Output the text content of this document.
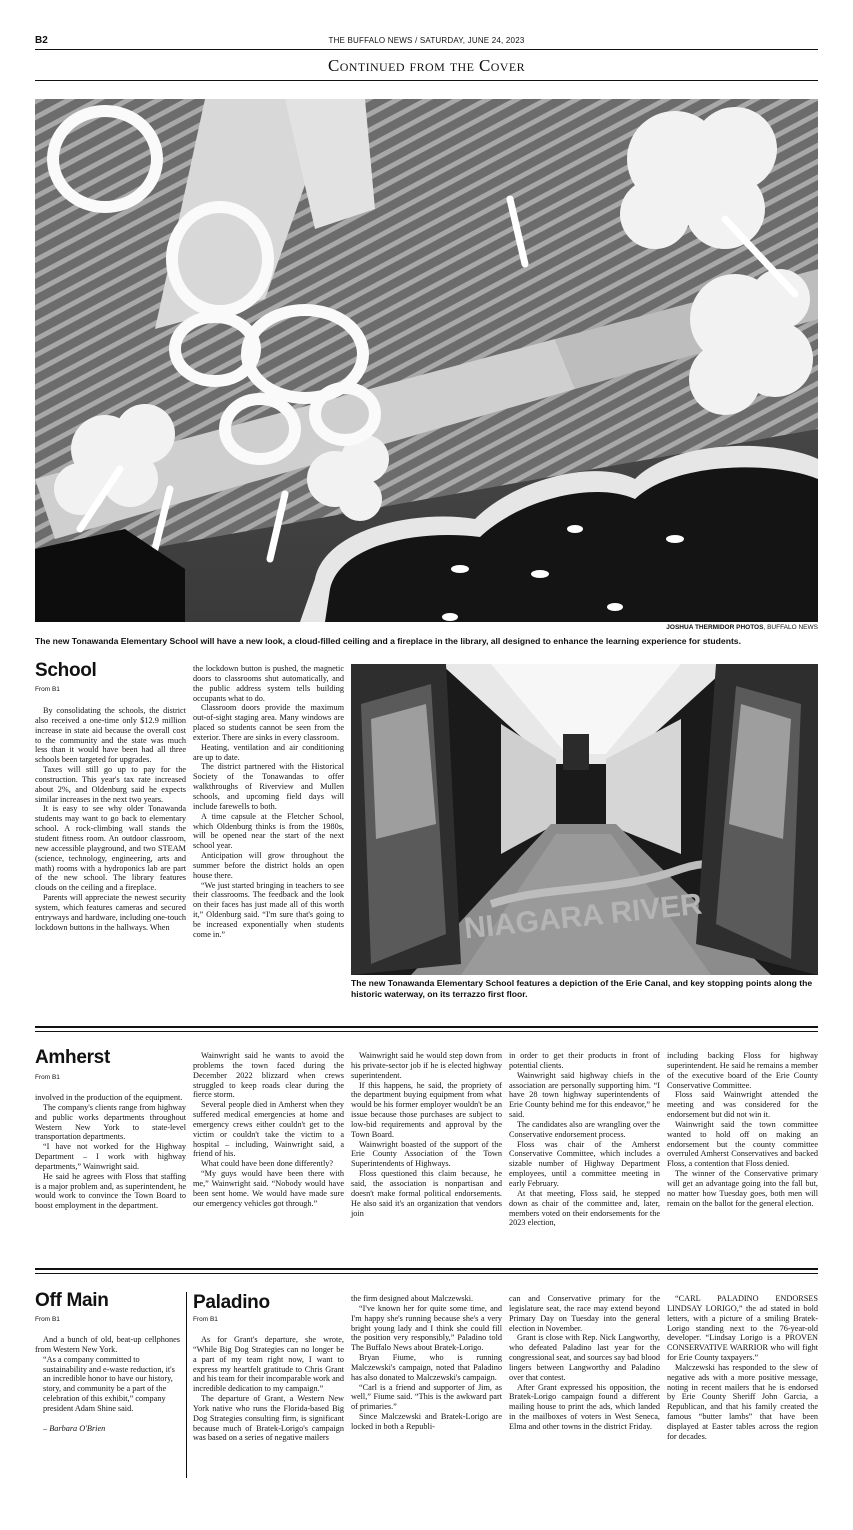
B2	THE BUFFALO NEWS / SATURDAY, JUNE 24, 2023
Continued from the Cover
JOSHUA THERMIDOR PHOTOS, BUFFALO NEWS
The new Tonawanda Elementary School will have a new look, a cloud-filled ceiling and a fireplace in the library, all designed to enhance the learning experience for students.
School
From B1

By consolidating the schools, the district also received a one-time only $12.9 million increase in state aid because the overall cost to the community and the state was much less than it would have been had all three schools been targeted for upgrades.

Taxes will still go up to pay for the construction. This year's tax rate increased about 2%, and Oldenburg said he expects similar increases in the next two years.

It is easy to see why older Tonawanda students may want to go back to elementary school. A rock-climbing wall stands the student fitness room. An outdoor classroom, new accessible playground, and two STEAM (science, technology, engineering, arts and math) rooms with a hydroponics lab are part of the new school. The library features clouds on the ceiling and a fireplace.

Parents will appreciate the newest security system, which features cameras and secured entryways and hardware, including one-touch lockdown buttons in the hallways. When

the lockdown button is pushed, the magnetic doors to classrooms shut automatically, and the public address system tells building occupants what to do.

Classroom doors provide the maximum out-of-sight staging area. Many windows are placed so students cannot be seen from the exterior. There are sinks in every classroom.

Heating, ventilation and air conditioning are up to date.

The district partnered with the Historical Society of the Tonawandas to offer walkthroughs of Riverview and Mullen schools, and upcoming field days will include farewells to both.

A time capsule at the Fletcher School, which Oldenburg thinks is from the 1980s, will be opened near the start of the next school year.

Anticipation will grow throughout the summer before the district holds an open house there.

“We just started bringing in teachers to see their classrooms. The feedback and the look on their faces has just made all of this worth it,” Oldenburg said. “I'm sure that's going to be increased exponentially when students come in.”	NIAGARA RIVER
The new Tonawanda Elementary School features a depiction of the Erie Canal, and key stopping points along the historic waterway, on its terrazzo first floor.
Amherst
From B1

involved in the production of the equipment.

The company's clients range from highway and public works departments throughout Western New York to state-level transportation departments.

“I have not worked for the Highway Department – I work with highway departments,” Wainwright said.

He said he agrees with Floss that staffing is a major problem and, as superintendent, he would work to convince the Town Board to boost employment in the department.

Wainwright said he wants to avoid the problems the town faced during the December 2022 blizzard when crews struggled to keep roads clear during the fierce storm.

Several people died in Amherst when they suffered medical emergencies at home and emergency crews either couldn't get to the victim or couldn't take the victim to a hospital – including, Wainwright said, a friend of his.

What could have been done differently?

“My guys would have been there with me,” Wainwright said. “Nobody would have been sent home. We would have made sure our emergency vehicles got through.”

Wainwright said he would step down from his private-sector job if he is elected highway superintendent.

If this happens, he said, the propriety of the department buying equipment from what would be his former employer wouldn't be an issue because those purchases are subject to low-bid requirements and approval by the Town Board.

Wainwright boasted of the support of the Erie County Association of the Town Superintendents of Highways.

Floss questioned this claim because, he said, the association is nonpartisan and doesn't make formal political endorsements. He also said it's an organization that vendors join

in order to get their products in front of potential clients.

Wainwright said highway chiefs in the association are personally supporting him. “I have 28 town highway superintendents of Erie County behind me for this endeavor,” he said.

The candidates also are wrangling over the Conservative endorsement process.

Floss was chair of the Amherst Conservative Committee, which includes a sizable number of Highway Department employees, until a committee meeting in early February.

At that meeting, Floss said, he stepped down as chair of the committee and, later, members voted on their endorsements for the 2023 election,

including backing Floss for highway superintendent. He said he remains a member of the executive board of the Erie County Conservative Committee.

Floss said Wainwright attended the meeting and was considered for the endorsement but did not win it.

Wainwright said the town committee wanted to hold off on making an endorsement but the county committee overruled Amherst Conservatives and backed Floss, a contention that Floss denied.

The winner of the Conservative primary will get an advantage going into the fall but, no matter how Tuesday goes, both men will remain on the ballot for the general election.

Off Main
From B1

And a bunch of old, beat-up cellphones from Western New York.

“As a company committed to sustainability and e-waste reduction, it's an incredible honor to have our history, story, and community be a part of the celebration of this exhibit,” company president Adam Shine said.

– Barbara O'Brien

Paladino
From B1

As for Grant's departure, she wrote, “While Big Dog Strategies can no longer be a part of my team right now, I want to express my heartfelt gratitude to Chris Grant and his team for their incomparable work and incredible dedication to my campaign.”

The departure of Grant, a Western New York native who runs the Florida-based Big Dog Strategies consulting firm, is significant because much of Bratek-Lorigo's campaign was based on a series of negative mailers

the firm designed about Malczewski.

“I've known her for quite some time, and I'm happy she's running because she's a very bright young lady and I think she could fill the position very responsibly,” Paladino told The Buffalo News about Bratek-Lorigo.

Bryan Fiume, who is running Malczewski's campaign, noted that Paladino has also donated to Malczewski's campaign.

“Carl is a friend and supporter of Jim, as well,” Fiume said. “This is the awkward part of primaries.”

Since Malczewski and Bratek-Lorigo are locked in both a Republi-

can and Conservative primary for the legislature seat, the race may extend beyond Primary Day on Tuesday into the general election in November.

Grant is close with Rep. Nick Langworthy, who defeated Paladino last year for the congressional seat, and sources say bad blood lingers between Langworthy and Paladino over that contest.

After Grant expressed his opposition, the Bratek-Lorigo campaign found a different mailing house to print the ads, which landed in the mailboxes of voters in West Seneca, Elma and other towns in the district Friday.

“CARL PALADINO ENDORSES LINDSAY LORIGO,” the ad stated in bold letters, with a picture of a smiling Bratek-Lorigo standing next to the 76-year-old developer. “Lindsay Lorigo is a PROVEN CONSERVATIVE WARRIOR who will fight for Erie County taxpayers.”

Malczewski has responded to the slew of negative ads with a more positive message, noting in recent mailers that he is endorsed by Erie County Sheriff John Garcia, a Republican, and that his family created the famous “butter lambs” that have been displayed at Easter tables across the region for decades.
